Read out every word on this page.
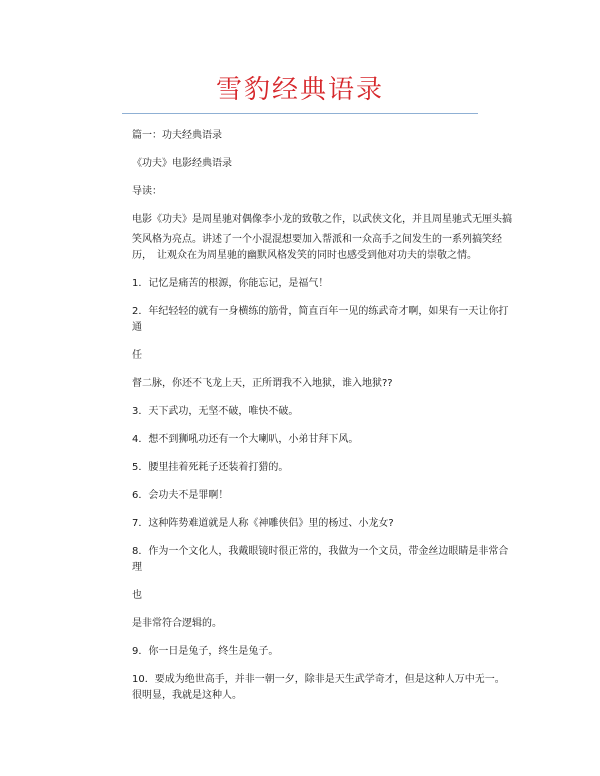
雪豹经典语录

篇一：功夫经典语录

《功夫》电影经典语录

导读：

电影《功夫》是周星驰对偶像李小龙的致敬之作，以武侠文化，并且周星驰式无厘头搞

笑风格为亮点。讲述了一个小混混想要加入帮派和一众高手之间发生的一系列搞笑经历，　让观众在为周星驰的幽默风格发笑的同时也感受到他对功夫的崇敬之情。

1．记忆是痛苦的根源，你能忘记，是福气！

2．年纪轻轻的就有一身横练的筋骨，简直百年一见的练武奇才啊，如果有一天让你打通

任

督二脉，你还不飞龙上天，正所谓我不入地狱，谁入地狱??

3．天下武功，无坚不破，唯快不破。

4．想不到狮吼功还有一个大喇叭，小弟甘拜下风。

5．腰里挂着死耗子还装着打猎的。

6．会功夫不是罪啊！

7．这种阵势难道就是人称《神雕侠侣》里的杨过、小龙女?

8．作为一个文化人，我戴眼镜时很正常的，我做为一个文员，带金丝边眼睛是非常合理

也

是非常符合逻辑的。

9．你一日是兔子，终生是兔子。

10．要成为绝世高手，并非一朝一夕，除非是天生武学奇才，但是这种人万中无一。　很明显，我就是这种人。
